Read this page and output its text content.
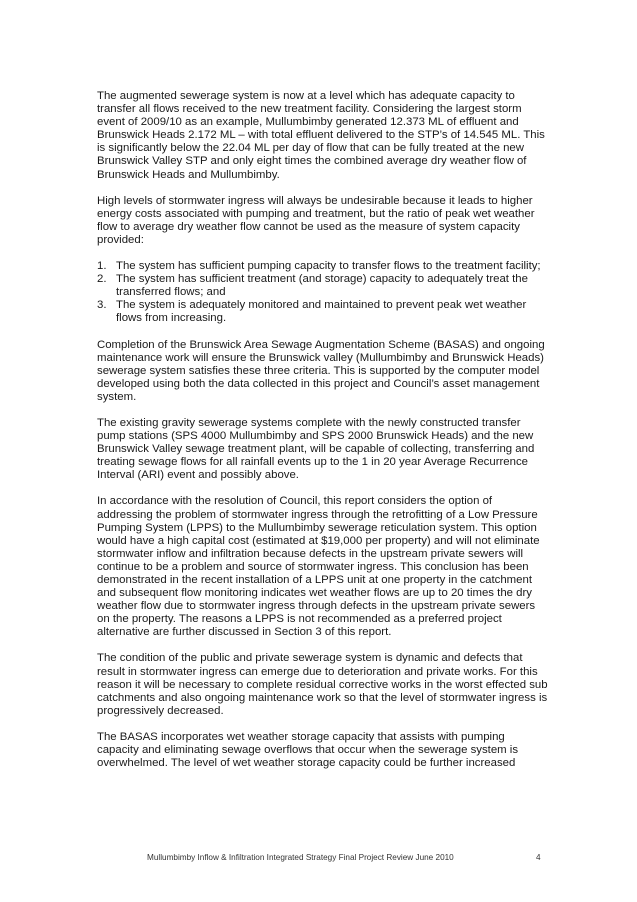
The augmented sewerage system is now at a level which has adequate capacity to transfer all flows received to the new treatment facility. Considering the largest storm event of 2009/10 as an example, Mullumbimby generated 12.373 ML of effluent and Brunswick Heads 2.172 ML – with total effluent delivered to the STP’s of 14.545 ML. This is significantly below the 22.04 ML per day of flow that can be fully treated at the new Brunswick Valley STP and only eight times the combined average dry weather flow of Brunswick Heads and Mullumbimby.

High levels of stormwater ingress will always be undesirable because it leads to higher energy costs associated with pumping and treatment, but the ratio of peak wet weather flow to average dry weather flow cannot be used as the measure of system capacity provided:

1. The system has sufficient pumping capacity to transfer flows to the treatment facility;
2. The system has sufficient treatment (and storage) capacity to adequately treat the transferred flows; and
3. The system is adequately monitored and maintained to prevent peak wet weather flows from increasing.

Completion of the Brunswick Area Sewage Augmentation Scheme (BASAS) and ongoing maintenance work will ensure the Brunswick valley (Mullumbimby and Brunswick Heads) sewerage system satisfies these three criteria. This is supported by the computer model developed using both the data collected in this project and Council’s asset management system.

The existing gravity sewerage systems complete with the newly constructed transfer pump stations (SPS 4000 Mullumbimby and SPS 2000 Brunswick Heads) and the new Brunswick Valley sewage treatment plant, will be capable of collecting, transferring and treating sewage flows for all rainfall events up to the 1 in 20 year Average Recurrence Interval (ARI) event and possibly above.

In accordance with the resolution of Council, this report considers the option of addressing the problem of stormwater ingress through the retrofitting of a Low Pressure Pumping System (LPPS) to the Mullumbimby sewerage reticulation system. This option would have a high capital cost (estimated at $19,000 per property) and will not eliminate stormwater inflow and infiltration because defects in the upstream private sewers will continue to be a problem and source of stormwater ingress. This conclusion has been demonstrated in the recent installation of a LPPS unit at one property in the catchment and subsequent flow monitoring indicates wet weather flows are up to 20 times the dry weather flow due to stormwater ingress through defects in the upstream private sewers on the property. The reasons a LPPS is not recommended as a preferred project alternative are further discussed in Section 3 of this report.

The condition of the public and private sewerage system is dynamic and defects that result in stormwater ingress can emerge due to deterioration and private works. For this reason it will be necessary to complete residual corrective works in the worst effected sub catchments and also ongoing maintenance work so that the level of stormwater ingress is progressively decreased.

The BASAS incorporates wet weather storage capacity that assists with pumping capacity and eliminating sewage overflows that occur when the sewerage system is overwhelmed. The level of wet weather storage capacity could be further increased

Mullumbimby Inflow & Infiltration Integrated Strategy Final Project Review June 2010	4
